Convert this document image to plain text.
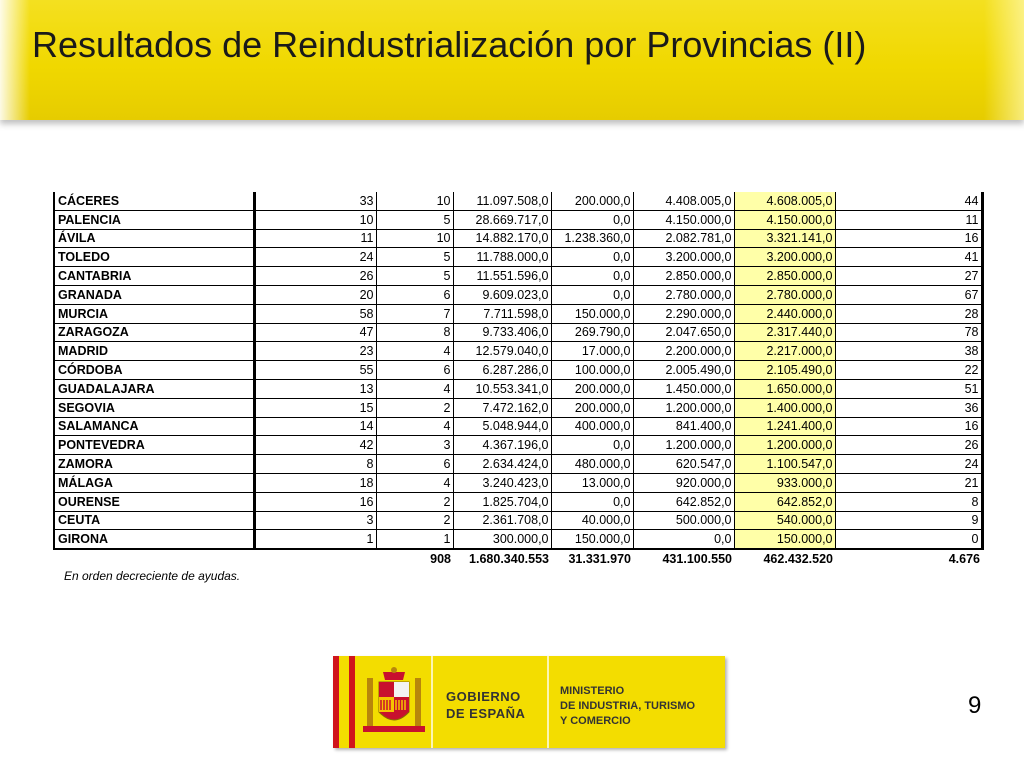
Resultados de Reindustrialización por Provincias (II)
CÁCERES	33	10	11.097.508,0	200.000,0	4.408.005,0	4.608.005,0	44
PALENCIA	10	5	28.669.717,0	0,0	4.150.000,0	4.150.000,0	11
ÁVILA	11	10	14.882.170,0	1.238.360,0	2.082.781,0	3.321.141,0	16
TOLEDO	24	5	11.788.000,0	0,0	3.200.000,0	3.200.000,0	41
CANTABRIA	26	5	11.551.596,0	0,0	2.850.000,0	2.850.000,0	27
GRANADA	20	6	9.609.023,0	0,0	2.780.000,0	2.780.000,0	67
MURCIA	58	7	7.711.598,0	150.000,0	2.290.000,0	2.440.000,0	28
ZARAGOZA	47	8	9.733.406,0	269.790,0	2.047.650,0	2.317.440,0	78
MADRID	23	4	12.579.040,0	17.000,0	2.200.000,0	2.217.000,0	38
CÓRDOBA	55	6	6.287.286,0	100.000,0	2.005.490,0	2.105.490,0	22
GUADALAJARA	13	4	10.553.341,0	200.000,0	1.450.000,0	1.650.000,0	51
SEGOVIA	15	2	7.472.162,0	200.000,0	1.200.000,0	1.400.000,0	36
SALAMANCA	14	4	5.048.944,0	400.000,0	841.400,0	1.241.400,0	16
PONTEVEDRA	42	3	4.367.196,0	0,0	1.200.000,0	1.200.000,0	26
ZAMORA	8	6	2.634.424,0	480.000,0	620.547,0	1.100.547,0	24
MÁLAGA	18	4	3.240.423,0	13.000,0	920.000,0	933.000,0	21
OURENSE	16	2	1.825.704,0	0,0	642.852,0	642.852,0	8
CEUTA	3	2	2.361.708,0	40.000,0	500.000,0	540.000,0	9
GIRONA	1	1	300.000,0	150.000,0	0,0	150.000,0	0
		908	1.680.340.553	31.331.970	431.100.550	462.432.520	4.676
En orden decreciente de ayudas.
GOBIERNO
DE ESPAÑA
MINISTERIO
DE INDUSTRIA, TURISMO
Y COMERCIO
9
